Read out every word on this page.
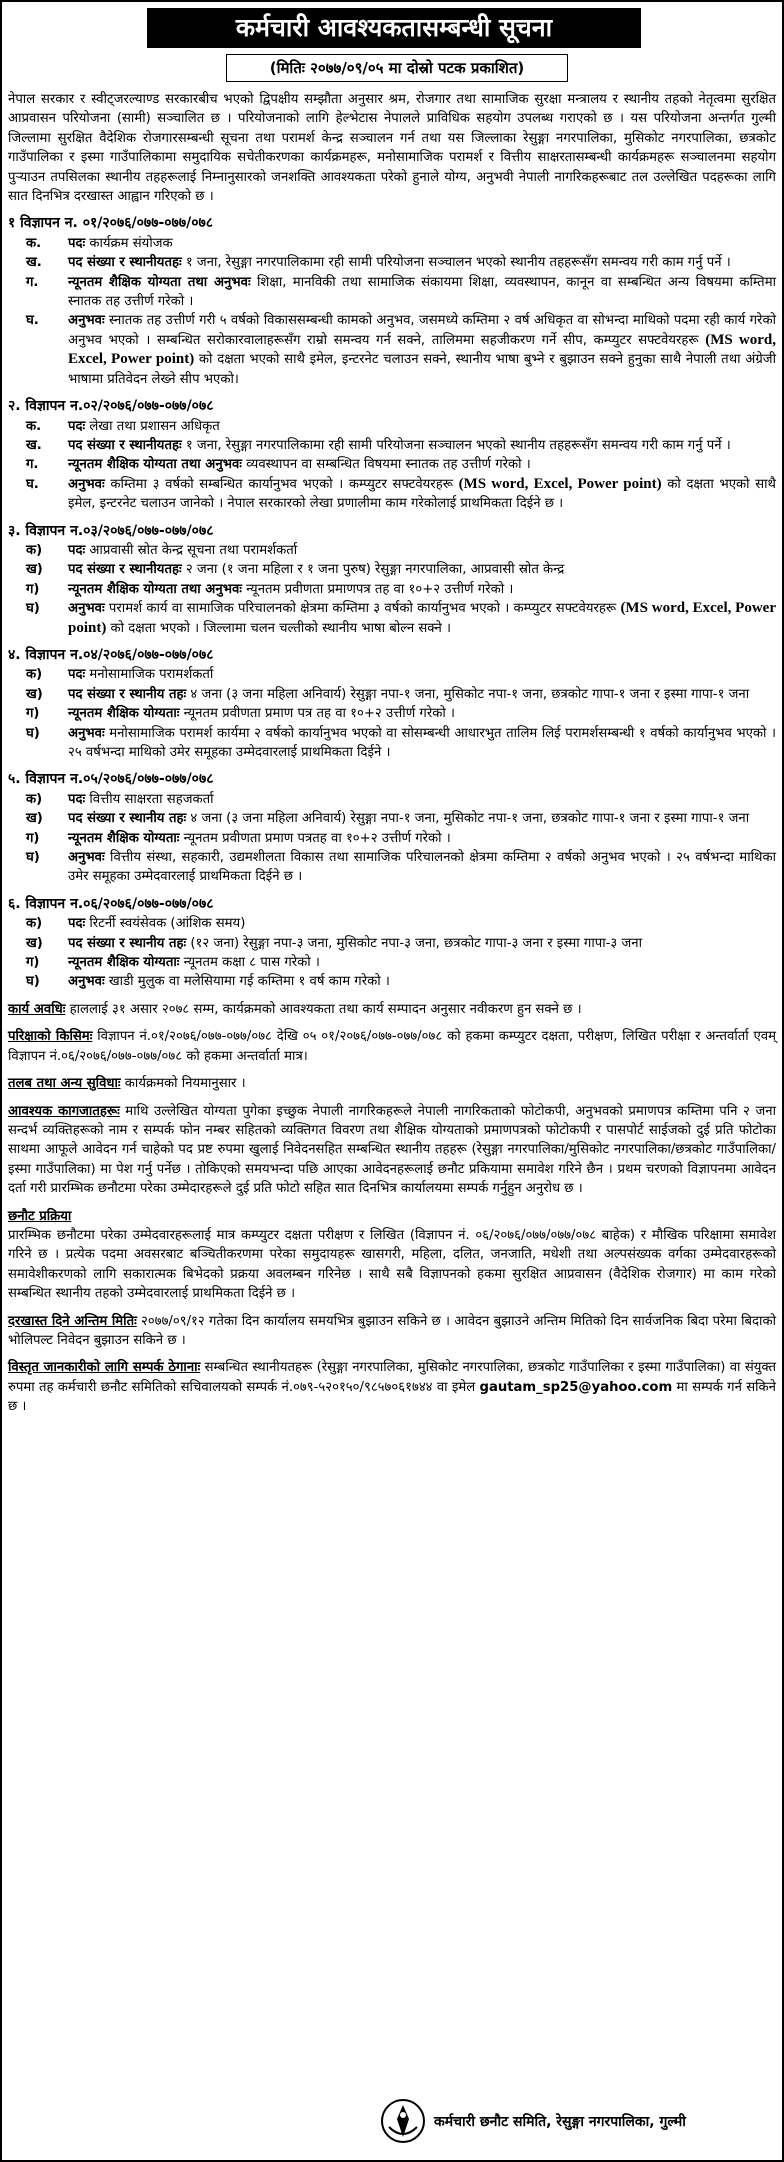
कर्मचारी आवश्यकतासम्बन्धी सूचना
(मितिः २०७७/०९/०५ मा दोस्रो पटक प्रकाशित)

नेपाल सरकार र स्वीट्जरल्याण्ड सरकारबीच भएको द्विपक्षीय सम्झौता अनुसार श्रम, रोजगार तथा सामाजिक सुरक्षा मन्त्रालय र स्थानीय तहको नेतृत्वमा सुरक्षित आप्रवासन परियोजना (सामी) सञ्चालित छ । परियोजनाको लागि हेल्भेटास नेपालले प्राविधिक सहयोग उपलब्ध गराएको छ । यस परियोजना अन्तर्गत गुल्मी जिल्लामा सुरक्षित वैदेशिक रोजगारसम्बन्धी सूचना तथा परामर्श केन्द्र सञ्चालन गर्न तथा यस जिल्लाका रेसुङ्गा नगरपालिका, मुसिकोट नगरपालिका, छत्रकोट गाउँपालिका र इस्मा गाउँपालिकामा समुदायिक सचेतीकरणका कार्यक्रमहरू, मनोसामाजिक परामर्श र वित्तीय साक्षरतासम्बन्धी कार्यक्रमहरू सञ्चालनमा सहयोग पुऱ्याउन तपसिलका स्थानीय तहहरूलाई निम्नानुसारको जनशक्ति आवश्यकता परेको हुनाले योग्य, अनुभवी नेपाली नागरिकहरूबाट तल उल्लेखित पदहरूका लागि सात दिनभित्र दरखास्त आह्वान गरिएको छ ।

१ विज्ञापन न. ०१/२०७६/०७७-०७७/०७८
क.	पदः कार्यक्रम संयोजक
ख.	पद संख्या र स्थानीयतहः १ जना, रेसुङ्गा नगरपालिकामा रही सामी परियोजना सञ्चालन भएको स्थानीय तहहरूसँग समन्वय गरी काम गर्नु पर्ने ।
ग.	न्यूनतम शैक्षिक योग्यता तथा अनुभवः शिक्षा, मानविकी तथा सामाजिक संकायमा शिक्षा, व्यवस्थापन, कानून वा सम्बन्धित अन्य विषयमा कम्तिमा स्नातक तह उत्तीर्ण गरेको ।
घ.	अनुभवः स्नातक तह उत्तीर्ण गरी ५ वर्षको विकाससम्बन्धी कामको अनुभव, जसमध्ये कम्तिमा २ वर्ष अधिकृत वा सोभन्दा माथिको पदमा रही कार्य गरेको अनुभव भएको । सम्बन्धित सरोकारवालाहरूसँग राम्रो समन्वय गर्न सक्ने, तालिममा सहजीकरण गर्ने सीप, कम्प्युटर सफ्टवेयरहरू (MS word, Excel, Power point) को दक्षता भएको साथै इमेल, इन्टरनेट चलाउन सक्ने, स्थानीय भाषा बुभ्ने र बुझाउन सक्ने हुनुका साथै नेपाली तथा अंग्रेजी भाषामा प्रतिवेदन लेख्ने सीप भएको।
२. विज्ञापन न.०२/२०७६/०७७-०७७/०७८
क.	पदः लेखा तथा प्रशासन अधिकृत
ख.	पद संख्या र स्थानीयतहः १ जना, रेसुङ्गा नगरपालिकामा रही सामी परियोजना सञ्चालन भएको स्थानीय तहहरूसँग समन्वय गरी काम गर्नु पर्ने ।
ग.	न्यूनतम शैक्षिक योग्यता तथा अनुभवः व्यवस्थापन वा सम्बन्धित विषयमा स्नातक तह उत्तीर्ण गरेको ।
घ.	अनुभवः कम्तिमा ३ वर्षको सम्बन्धित कार्यानुभव भएको । कम्प्युटर सफ्टवेयरहरू (MS word, Excel, Power point) को दक्षता भएको साथै इमेल, इन्टरनेट चलाउन जानेको । नेपाल सरकारको लेखा प्रणालीमा काम गरेकोलाई प्राथमिकता दिईने छ ।
३. विज्ञापन न.०३/२०७६/०७७-०७७/०७८
क)	पदः आप्रवासी स्रोत केन्द्र सूचना तथा परामर्शकर्ता
ख)	पद संख्या र स्थानीयतहः २ जना (१ जना महिला र १ जना पुरुष) रेसुङ्गा नगरपालिका, आप्रवासी स्रोत केन्द्र
ग)	न्यूनतम शैक्षिक योग्यता तथा अनुभवः न्यूनतम प्रवीणता प्रमाणपत्र तह वा १०+२ उत्तीर्ण गरेको ।
घ)	अनुभवः परामर्श कार्य वा सामाजिक परिचालनको क्षेत्रमा कम्तिमा ३ वर्षको कार्यानुभव भएको । कम्प्युटर सफ्टवेयरहरू (MS word, Excel, Power point) को दक्षता भएको । जिल्लामा चलन चल्तीको स्थानीय भाषा बोल्न सक्ने ।
४. विज्ञापन न.०४/२०७६/०७७-०७७/०७८
क)	पदः मनोसामाजिक परामर्शकर्ता
ख)	पद संख्या र स्थानीय तहः ४ जना (३ जना महिला अनिवार्य) रेसुङ्गा नपा-१ जना, मुसिकोट नपा-१ जना, छत्रकोट गापा-१ जना र इस्मा गापा-१ जना
ग)	न्यूनतम शैक्षिक योग्यताः न्यूनतम प्रवीणता प्रमाण पत्र तह वा १०+२ उत्तीर्ण गरेको ।
घ)	अनुभवः मनोसामाजिक परामर्श कार्यमा २ वर्षको कार्यानुभव भएको वा सोसम्बन्धी आधारभुत तालिम लिई परामर्शसम्बन्धी १ वर्षको कार्यानुभव भएको । २५ वर्षभन्दा माथिको उमेर समूहका उम्मेदवारलाई प्राथमिकता दिईने ।
५. विज्ञापन न.०५/२०७६/०७७-०७७/०७८
क)	पदः वित्तीय साक्षरता सहजकर्ता
ख)	पद संख्या र स्थानीय तहः ४ जना (३ जना महिला अनिवार्य) रेसुङ्गा नपा-१ जना, मुसिकोट नपा-१ जना, छत्रकोट गापा-१ जना र इस्मा गापा-१ जना
ग)	न्यूनतम शैक्षिक योग्यताः न्यूनतम प्रवीणता प्रमाण पत्रतह वा १०+२ उत्तीर्ण गरेको ।
घ)	अनुभवः वित्तीय संस्था, सहकारी, उद्यमशीलता विकास तथा सामाजिक परिचालनको क्षेत्रमा कम्तिमा २ वर्षको अनुभव भएको । २५ वर्षभन्दा माथिका उमेर समूहका उम्मेदवारलाई प्राथमिकता दिईने छ ।
६. विज्ञापन न.०६/२०७६/०७७-०७७/०७८
क)	पदः रिटर्नी स्वयंसेवक (आंशिक समय)
ख)	पद संख्या र स्थानीय तहः (१२ जना) रेसुङ्गा नपा-३ जना, मुसिकोट नपा-३ जना, छत्रकोट गापा-३ जना र इस्मा गापा-३ जना
ग)	न्यूनतम शैक्षिक योग्यताः न्यूनतम कक्षा ८ पास गरेको ।
घ)	अनुभवः खाडी मुलुक वा मलेसियामा गई कम्तिमा १ वर्ष काम गरेको ।
कार्य अवधिः हाललाई ३१ असार २०७८ सम्म, कार्यक्रमको आवश्यकता तथा कार्य सम्पादन अनुसार नवीकरण हुन सक्ने छ ।
परिक्षाको किसिमः विज्ञापन नं.०१/२०७६/०७७-०७७/०७८ देखि ०५ ०१/२०७६/०७७-०७७/०७८ को हकमा कम्प्युटर दक्षता, परीक्षण, लिखित परीक्षा र अन्तर्वार्ता एवम् विज्ञापन नं.०६/२०७६/०७७-०७७/०७८ को हकमा अन्तर्वार्ता मात्र।
तलब तथा अन्य सुविधाः कार्यक्रमको नियमानुसार ।
आवश्यक कागजातहरूः माथि उल्लेखित योग्यता पुगेका इच्छुक नेपाली नागरिकहरूले नेपाली नागरिकताको फोटोकपी, अनुभवको प्रमाणपत्र कम्तिमा पनि २ जना सन्दर्भ व्यक्तिहरूको नाम र सम्पर्क फोन नम्बर सहितको व्यक्तिगत विवरण तथा शैक्षिक योग्यताको प्रमाणपत्रको फोटोकपी र पासपोर्ट साईजको दुई प्रति फोटोका साथमा आफूले आवेदन गर्न चाहेको पद प्रष्ट रुपमा खुलाई निवेदनसहित सम्बन्धित स्थानीय तहहरू (रेसुङ्गा नगरपालिका/मुसिकोट नगरपालिका/छत्रकोट गाउँपालिका/इस्मा गाउँपालिका) मा पेश गर्नु पर्नेछ । तोकिएको समयभन्दा पछि आएका आवेदनहरूलाई छनौट प्रकियामा समावेश गरिने छैन । प्रथम चरणको विज्ञापनमा आवेदन दर्ता गरी प्रारम्भिक छनौटमा परेका उम्मेदारहरूले दुई प्रति फोटो सहित सात दिनभित्र कार्यालयमा सम्पर्क गर्नुहुन अनुरोध छ ।
छनौट प्रक्रिया
प्रारम्भिक छनौटमा परेका उम्मेदवारहरूलाई मात्र कम्प्युटर दक्षता परीक्षण र लिखित (विज्ञापन नं. ०६/२०७६/०७७/०७७/०७८ बाहेक) र मौखिक परिक्षामा समावेश गरिने छ । प्रत्येक पदमा अवसरबाट बञ्चितीकरणमा परेका समुदायहरू खासगरी, महिला, दलित, जनजाति, मधेशी तथा अल्पसंख्यक वर्गका उम्मेदवारहरूको समावेशीकरणको लागि सकारात्मक बिभेदको प्रक्रया अवलम्बन गरिनेछ । साथै सबै विज्ञापनको हकमा सुरक्षित आप्रवासन (वैदेशिक रोजगार) मा काम गरेको सम्बन्धित स्थानीय तहको उम्मेदवारलाई प्राथमिकता दिईने छ ।
दरखास्त दिने अन्तिम मितिः २०७७/०९/१२ गतेका दिन कार्यालय समयभित्र बुझाउन सकिने छ । आवेदन बुझाउने अन्तिम मितिको दिन सार्वजनिक बिदा परेमा बिदाको भोलिपल्ट निवेदन बुझाउन सकिने छ ।
विस्तृत जानकारीको लागि सम्पर्क ठेगानाः सम्बन्धित स्थानीयतहरू (रेसुङ्गा नगरपालिका, मुसिकोट नगरपालिका, छत्रकोट गाउँपालिका र इस्मा गाउँपालिका) वा संयुक्त रुपमा तह कर्मचारी छनौट समितिको सचिवालयको सम्पर्क नं.०७९-५२०१५०/९८५७०६१७४४ वा इमेल gautam_sp25@yahoo.com मा सम्पर्क गर्न सकिने छ ।
कर्मचारी छनौट समिति, रेसुङ्गा नगरपालिका, गुल्मी
